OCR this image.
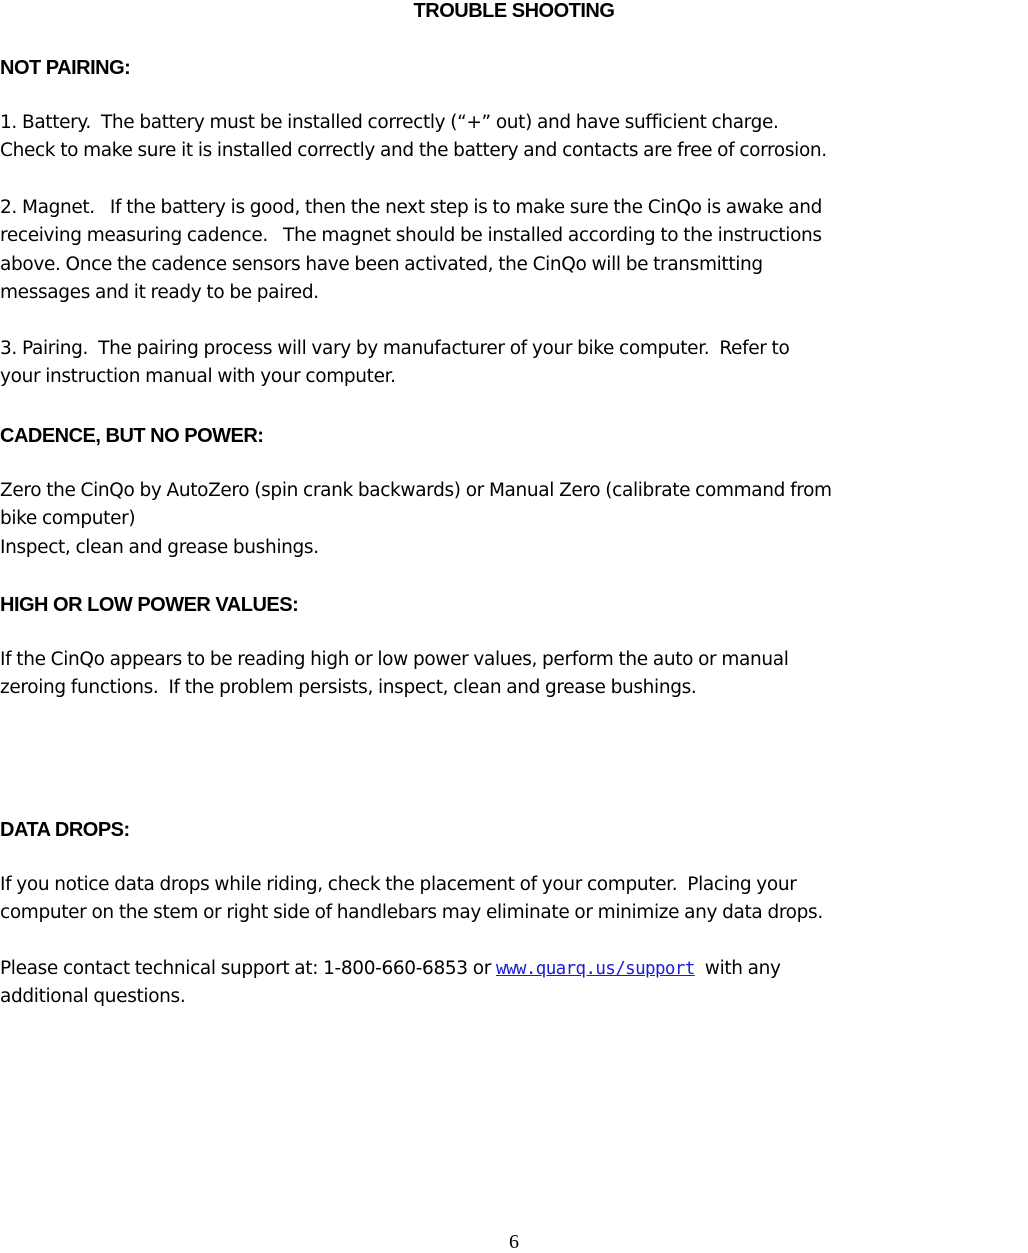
TROUBLE SHOOTING
NOT PAIRING:
1. Battery.  The battery must be installed correctly (“+” out) and have sufficient charge.
Check to make sure it is installed correctly and the battery and contacts are free of corrosion.
2. Magnet.   If the battery is good, then the next step is to make sure the CinQo is awake and
receiving measuring cadence.   The magnet should be installed according to the instructions
above. Once the cadence sensors have been activated, the CinQo will be transmitting
messages and it ready to be paired.
3. Pairing.  The pairing process will vary by manufacturer of your bike computer.  Refer to
your instruction manual with your computer.
CADENCE, BUT NO POWER:
Zero the CinQo by AutoZero (spin crank backwards) or Manual Zero (calibrate command from
bike computer)
Inspect, clean and grease bushings.
HIGH OR LOW POWER VALUES:
If the CinQo appears to be reading high or low power values, perform the auto or manual
zeroing functions.  If the problem persists, inspect, clean and grease bushings.
DATA DROPS:
If you notice data drops while riding, check the placement of your computer.  Placing your
computer on the stem or right side of handlebars may eliminate or minimize any data drops.
Please contact technical support at: 1-800-660-6853 or www.quarq.us/support  with any
additional questions.
6
